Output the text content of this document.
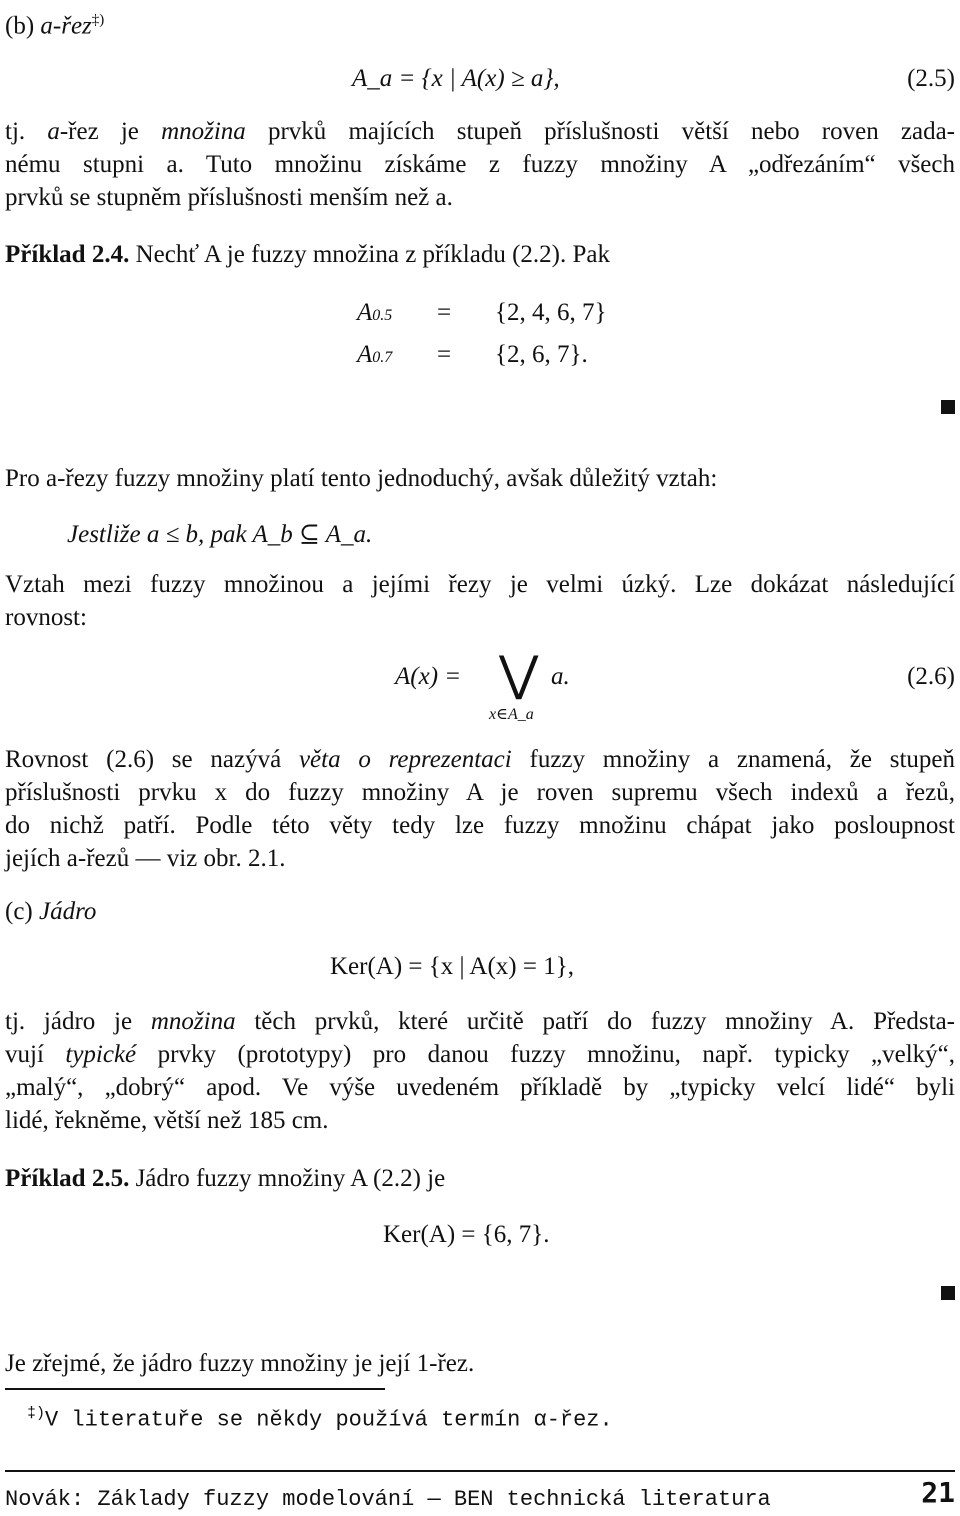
(b) a-řez‡)
A_a = {x | A(x) ≥ a},	(2.5)
tj. a-řez je množina prvků majících stupeň příslušnosti větší nebo roven zada-
nému stupni a. Tuto množinu získáme z fuzzy množiny A „odřezáním“ všech
prvků se stupněm příslušnosti menším než a.
Příklad 2.4. Nechť A je fuzzy množina z příkladu (2.2). Pak
A0.5 = {2, 4, 6, 7}
A0.7 = {2, 6, 7}.
Pro a-řezy fuzzy množiny platí tento jednoduchý, avšak důležitý vztah:
Jestliže a ≤ b, pak A_b ⊆ A_a.
Vztah mezi fuzzy množinou a jejími řezy je velmi úzký. Lze dokázat následující
rovnost:
A(x) = ⋁
x∈A_a
a.	(2.6)
Rovnost (2.6) se nazývá věta o reprezentaci fuzzy množiny a znamená, že stupeň
příslušnosti prvku x do fuzzy množiny A je roven supremu všech indexů a řezů,
do nichž patří. Podle této věty tedy lze fuzzy množinu chápat jako posloupnost
jejích a-řezů — viz obr. 2.1.
(c) Jádro
Ker(A) = {x | A(x) = 1},
tj. jádro je množina těch prvků, které určitě patří do fuzzy množiny A. Předsta-
vují typické prvky (prototypy) pro danou fuzzy množinu, např. typicky „velký“,
„malý“, „dobrý“ apod. Ve výše uvedeném příkladě by „typicky velcí lidé“ byli
lidé, řekněme, větší než 185 cm.
Příklad 2.5. Jádro fuzzy množiny A (2.2) je
Ker(A) = {6, 7}.
Je zřejmé, že jádro fuzzy množiny je její 1-řez.
‡)V literatuře se někdy používá termín α-řez.
Novák: Základy fuzzy modelování — BEN technická literatura	21
